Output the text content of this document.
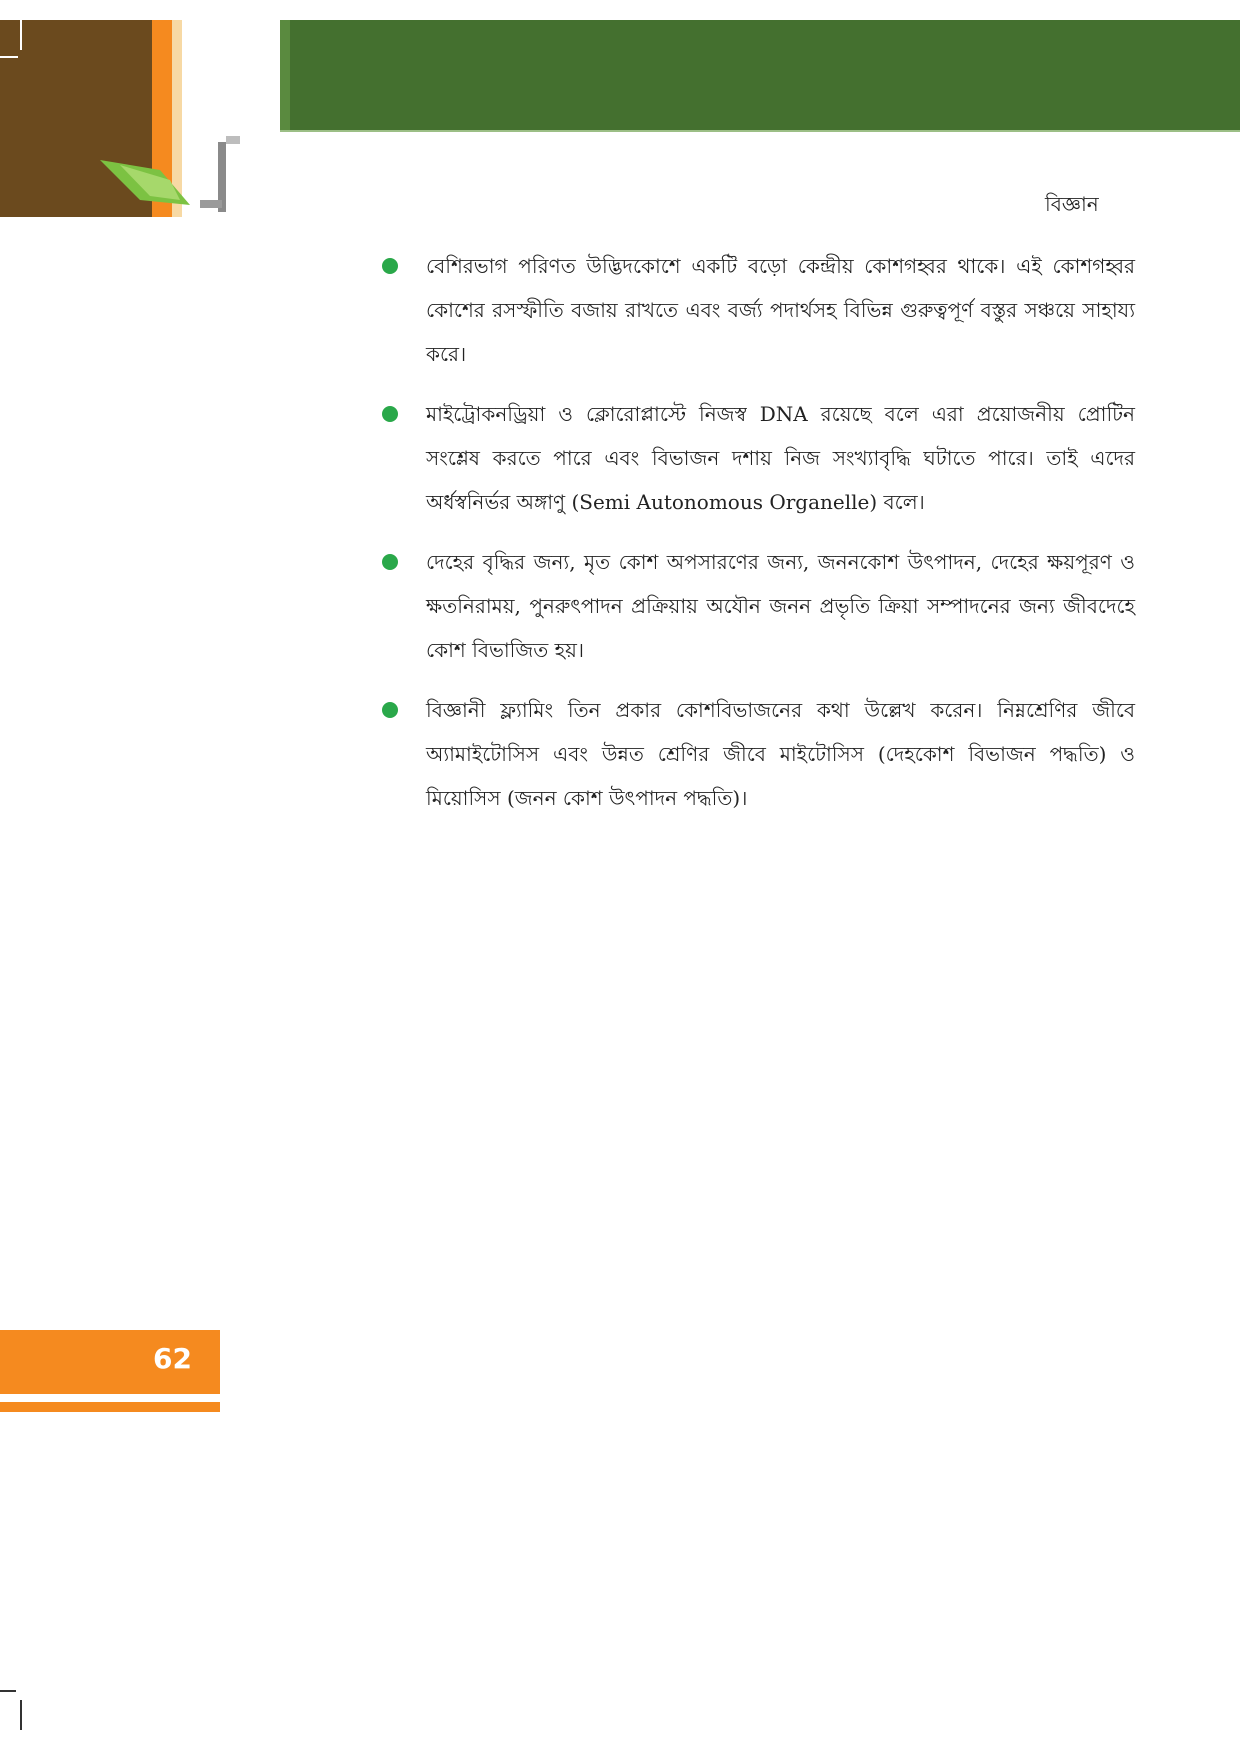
বিজ্ঞান
বেশিরভাগ পরিণত উদ্ভিদকোশে একটি বড়ো কেন্দ্রীয় কোশগহ্বর থাকে। এই কোশগহ্বর কোশের রসস্ফীতি বজায় রাখতে এবং বর্জ্য পদার্থসহ বিভিন্ন গুরুত্বপূর্ণ বস্তুর সঞ্চয়ে সাহায্য করে।
মাইট্রোকনড্রিয়া ও ক্লোরোপ্লাস্টে নিজস্ব DNA রয়েছে বলে এরা প্রয়োজনীয় প্রোটিন সংশ্লেষ করতে পারে এবং বিভাজন দশায় নিজ সংখ্যাবৃদ্ধি ঘটাতে পারে। তাই এদের অর্ধস্বনির্ভর অঙ্গাণু (Semi Autonomous Organelle) বলে।
দেহের বৃদ্ধির জন্য, মৃত কোশ অপসারণের জন্য, জননকোশ উৎপাদন, দেহের ক্ষয়পূরণ ও ক্ষতনিরাময়, পুনরুৎপাদন প্রক্রিয়ায় অযৌন জনন প্রভৃতি ক্রিয়া সম্পাদনের জন্য জীবদেহে কোশ বিভাজিত হয়।
বিজ্ঞানী ফ্ল্যামিং তিন প্রকার কোশবিভাজনের কথা উল্লেখ করেন। নিম্নশ্রেণির জীবে অ্যামাইটোসিস এবং উন্নত শ্রেণির জীবে মাইটোসিস (দেহকোশ বিভাজন পদ্ধতি) ও মিয়োসিস (জনন কোশ উৎপাদন পদ্ধতি)।
62
